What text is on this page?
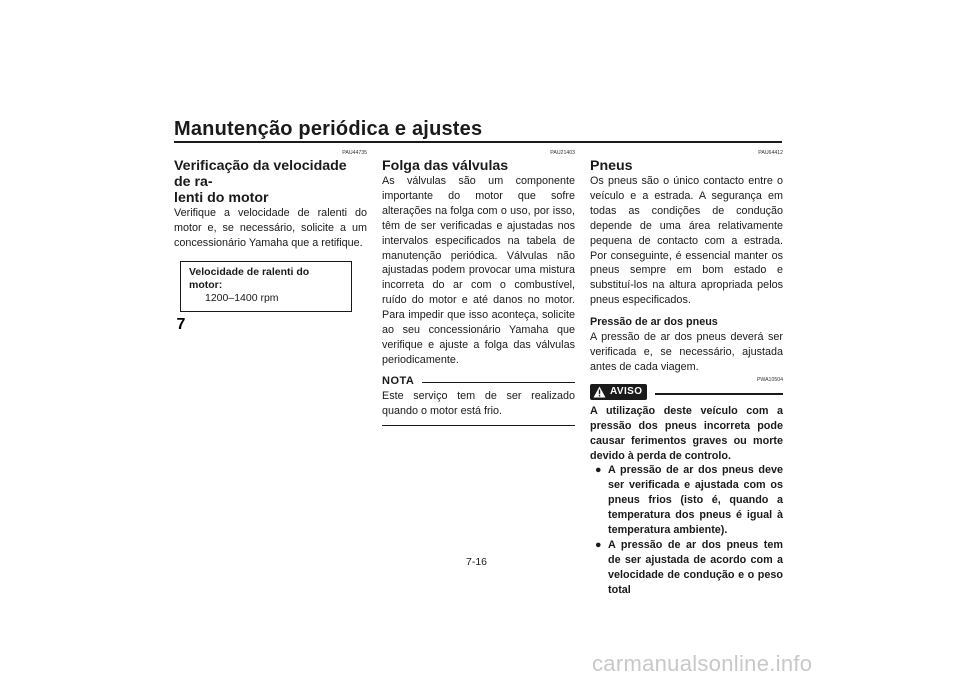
Manutenção periódica e ajustes
7
PAU44735
Verificação da velocidade de ra-
lenti do motor

Verifique a velocidade de ralenti do motor e, se necessário, solicite a um concessionário Yamaha que a retifique.

Velocidade de ralenti do motor:
1200–1400 rpm
PAU21403
Folga das válvulas

As válvulas são um componente importante do motor que sofre alterações na folga com o uso, por isso, têm de ser verificadas e ajustadas nos intervalos especificados na tabela de manutenção periódica. Válvulas não ajustadas podem provocar uma mistura incorreta do ar com o combustível, ruído do motor e até danos no motor. Para impedir que isso aconteça, solicite ao seu concessionário Yamaha que verifique e ajuste a folga das válvulas periodicamente.

NOTA

Este serviço tem de ser realizado quando o motor está frio.

PAU64412
Pneus

Os pneus são o único contacto entre o veículo e a estrada. A segurança em todas as condições de condução depende de uma área relativamente pequena de contacto com a estrada. Por conseguinte, é essencial manter os pneus sempre em bom estado e substituí-los na altura apropriada pelos pneus especificados.

Pressão de ar dos pneus

A pressão de ar dos pneus deverá ser verificada e, se necessário, ajustada antes de cada viagem.

PWA10504
AVISO

A utilização deste veículo com a pressão dos pneus incorreta pode causar ferimentos graves ou morte devido à perda de controlo.

● A pressão de ar dos pneus deve ser verificada e ajustada com os pneus frios (isto é, quando a temperatura dos pneus é igual à temperatura ambiente).
● A pressão de ar dos pneus tem de ser ajustada de acordo com a velocidade de condução e o peso total
7-16
carmanualsonline.info
